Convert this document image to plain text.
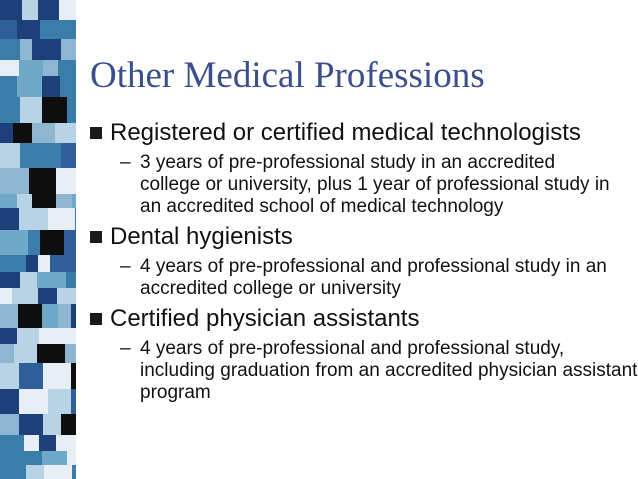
Other Medical Professions
Registered or certified medical technologists
– 3 years of pre-professional study in an accredited college or university, plus 1 year of professional study in an accredited school of medical technology
Dental hygienists
– 4 years of pre-professional and professional study in an accredited college or university
Certified physician assistants
– 4 years of pre-professional and professional study, including graduation from an accredited physician assistant program
